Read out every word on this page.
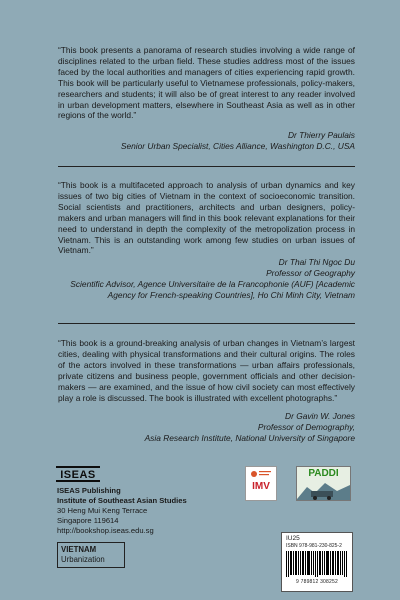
“This book presents a panorama of research studies involving a wide range of disciplines related to the urban field. These studies address most of the issues faced by the local authorities and managers of cities experiencing rapid growth. This book will be particularly useful to Vietnamese professionals, policy-makers, researchers and students; it will also be of great interest to any reader involved in urban development matters, elsewhere in Southeast Asia as well as in other regions of the world.”
Dr Thierry Paulais
Senior Urban Specialist, Cities Alliance, Washington D.C., USA
“This book is a multifaceted approach to analysis of urban dynamics and key issues of two big cities of Vietnam in the context of socioeconomic transition. Social scientists and practitioners, architects and urban designers, policy-makers and urban managers will find in this book relevant explanations for their need to understand in depth the complexity of the metropolization process in Vietnam. This is an outstanding work among few studies on urban issues of Vietnam.”
Dr Thai Thi Ngoc Du
Professor of Geography
Scientific Advisor, Agence Universitaire de la Francophonie (AUF) [Academic Agency for French-speaking Countries], Ho Chi Minh City, Vietnam
“This book is a ground-breaking analysis of urban changes in Vietnam’s largest cities, dealing with physical transformations and their cultural origins. The roles of the actors involved in these transformations — urban affairs professionals, private citizens and business people, government officials and other decision-makers — are examined, and the issue of how civil society can most effectively play a role is discussed. The book is illustrated with excellent photographs.”
Dr Gavin W. Jones
Professor of Demography,
Asia Research Institute, National University of Singapore
ISEAS
ISEAS Publishing
Institute of Southeast Asian Studies
30 Heng Mui Keng Terrace
Singapore 119614
http://bookshop.iseas.edu.sg
VIETNAM
Urbanization
IMV
PADDI
IU25
ISBN 978-981-230-825-2
9 789812 308252
